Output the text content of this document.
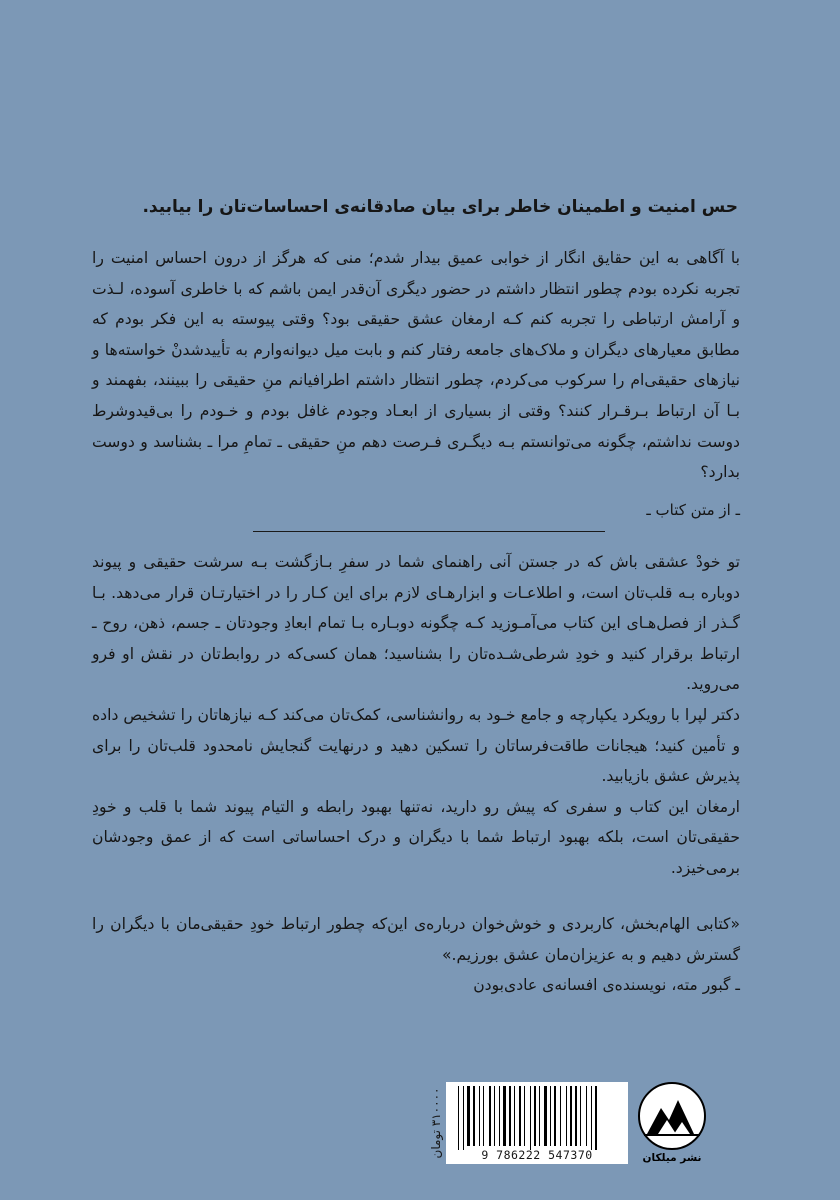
حس امنیت و اطمینان خاطر برای بیان صادقانه‌ی احساسات‌تان را بیابید.
با آگاهی به این حقایق انگار از خوابی عمیق بیدار شدم؛ منی که هرگز از درون احساس امنیت را تجربه نکرده بودم چطور انتظار داشتم در حضور دیگری آن‌قدر ایمن باشم که با خاطری آسوده، لـذت و آرامش ارتباطی را تجربه کنم کـه ارمغان عشق حقیقی بود؟ وقتی پیوسته به این فکر بودم که مطابق معیارهای دیگران و ملاک‌های جامعه رفتار کنم و بابت میل دیوانه‌وارم به تأییدشدنْ خواسته‌ها و نیازهای حقیقی‌ام را سرکوب می‌کردم، چطور انتظار داشتم اطرافیانم منِ حقیقی را ببینند، بفهمند و بـا آن ارتباط بـرقـرار کنند؟ وقتی از بسیاری از ابعـاد وجودم غافل بودم و خـودم را بی‌قیدوشرط دوست نداشتم، چگونه می‌توانستم بـه دیگـری فـرصت دهم منِ حقیقی ـ تمامِ مرا ـ بشناسد و دوست بدارد؟
ـ از متن کتاب ـ

تو خودْ عشقی باش که در جستن آنی راهنمای شما در سفرِ بـازگشت بـه سرشت حقیقی و پیوند دوباره بـه قلب‌تان است، و اطلاعـات و ابزارهـای لازم برای این کـار را در اختیارتـان قرار می‌دهد. بـا گـذر از فصل‌هـای این کتاب می‌آمـوزید کـه چگونه دوبـاره بـا تمام ابعادِ وجودتان ـ جسم، ذهن، روح ـ ارتباط برقرار کنید و خودِ شرطی‌شـده‌تان را بشناسید؛ همان کسی‌که در روابط‌تان در نقش او فرو می‌روید.

دکتر لپرا با رویکرد یکپارچه و جامع خـود به روانشناسی، کمک‌تان می‌کند کـه نیازهاتان را تشخیص داده و تأمین کنید؛ هیجانات طاقت‌فرساتان را تسکین دهید و درنهایت گنجایش نامحدود قلب‌تان را برای پذیرش عشق بازیابید.

ارمغان این کتاب و سفری که پیش رو دارید، نه‌تنها بهبود رابطه و التیام پیوند شما با قلب و خودِ حقیقی‌تان است، بلکه بهبود ارتباط شما با دیگران و درک احساساتی است که از عمق وجودشان برمی‌خیزد.

«کتابی الهام‌بخش، کاربردی و خوش‌خوان درباره‌ی این‌که چطور ارتباط خودِ حقیقی‌مان با دیگران را گسترش دهیم و به عزیزان‌مان عشق بورزیم.»

ـ گبور مته، نویسنده‌ی افسانه‌ی عادی‌بودن

۳۱۰۰۰۰ تومان
9 786222 547370	نشر میلکان
